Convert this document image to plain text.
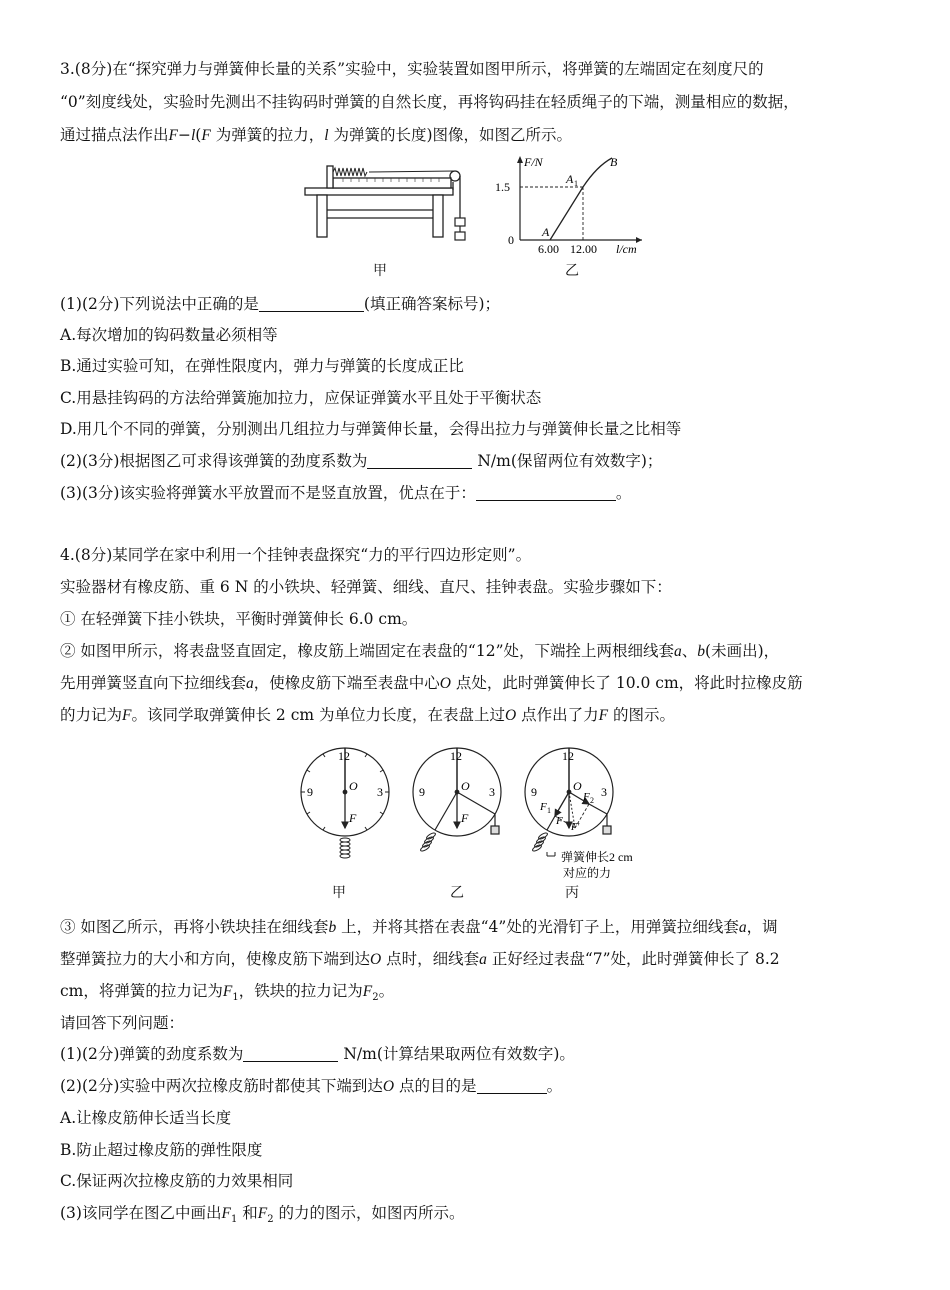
3.(8分)在“探究弹力与弹簧伸长量的关系”实验中，实验装置如图甲所示，将弹簧的左端固定在刻度尺的
“0”刻度线处，实验时先测出不挂钩码时弹簧的自然长度，再将钩码挂在轻质绳子的下端，测量相应的数据，
通过描点法作出F−l(F 为弹簧的拉力，l 为弹簧的长度)图像，如图乙所示。
甲
F/N
1.5
0
6.00 12.00 l/cm
A
A 1
B
乙
(1)(2分)下列说法中正确的是	(填正确答案标号)；
A.每次增加的钩码数量必须相等
B.通过实验可知，在弹性限度内，弹力与弹簧的长度成正比
C.用悬挂钩码的方法给弹簧施加拉力，应保证弹簧水平且处于平衡状态
D.用几个不同的弹簧，分别测出几组拉力与弹簧伸长量，会得出拉力与弹簧伸长量之比相等
(2)(3分)根据图乙可求得该弹簧的劲度系数为	N/m(保留两位有效数字)；
(3)(3分)该实验将弹簧水平放置而不是竖直放置，优点在于：	。
4.(8分)某同学在家中利用一个挂钟表盘探究“力的平行四边形定则”。
实验器材有橡皮筋、重 6 N 的小铁块、轻弹簧、细线、直尺、挂钟表盘。实验步骤如下：
① 在轻弹簧下挂小铁块，平衡时弹簧伸长 6.0 cm。
② 如图甲所示，将表盘竖直固定，橡皮筋上端固定在表盘的“12”处，下端拴上两根细线套a、b(未画出)，
先用弹簧竖直向下拉细线套a，使橡皮筋下端至表盘中心O 点处，此时弹簧伸长了 10.0 cm，将此时拉橡皮筋
的力记为F。该同学取弹簧伸长 2 cm 为单位力长度，在表盘上过O 点作出了力F 的图示。
12
9	3
O
F
12
9	3
O
F
12
9	3
O
F 1
F 2
F
F'
弹簧伸长2 cm
对应的力
甲	乙	丙
③ 如图乙所示，再将小铁块挂在细线套b 上，并将其搭在表盘“4”处的光滑钉子上，用弹簧拉细线套a，调
整弹簧拉力的大小和方向，使橡皮筋下端到达O 点时，细线套a 正好经过表盘“7”处，此时弹簧伸长了 8.2
cm，将弹簧的拉力记为$F_1$，铁块的拉力记为$F_2$。
请回答下列问题：
(1)(2分)弹簧的劲度系数为	N/m(计算结果取两位有效数字)。
(2)(2分)实验中两次拉橡皮筋时都使其下端到达O 点的目的是	。
A.让橡皮筋伸长适当长度
B.防止超过橡皮筋的弹性限度
C.保证两次拉橡皮筋的力效果相同
(3)该同学在图乙中画出$F_1$ 和$F_2$ 的力的图示，如图丙所示。
